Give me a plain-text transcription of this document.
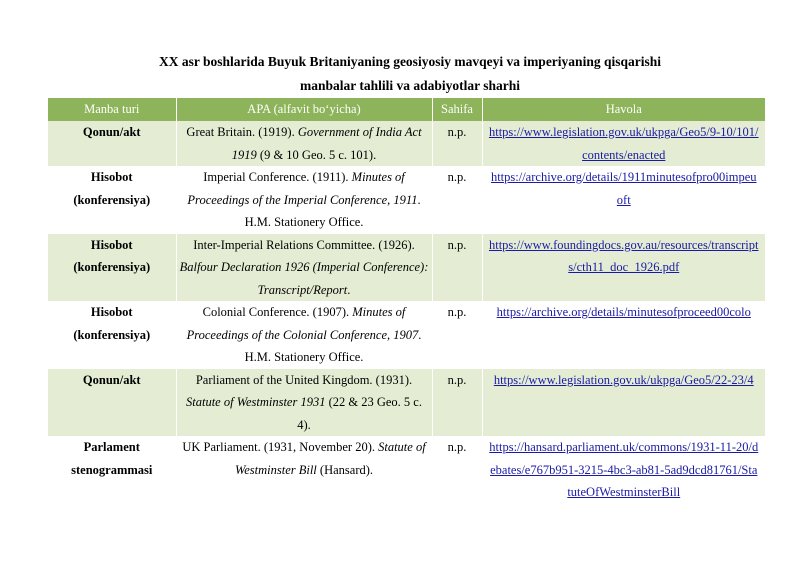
XX asr boshlarida Buyuk Britaniyaning geosiyosiy mavqeyi va imperiyaning qisqarishi
manbalar tahlili va adabiyotlar sharhi
Manba turi	APA (alfavit bo‘yicha)	Sahifa	Havola
Qonun/akt	Great Britain. (1919). Government of India Act 1919 (9 & 10 Geo. 5 c. 101).	n.p.	https://www.legislation.gov.uk/ukpga/Geo5/9-10/101/contents/enacted
Hisobot (konferensiya)	Imperial Conference. (1911). Minutes of Proceedings of the Imperial Conference, 1911. H.M. Stationery Office.	n.p.	https://archive.org/details/1911minutesofpro00impeuoft
Hisobot (konferensiya)	Inter-Imperial Relations Committee. (1926). Balfour Declaration 1926 (Imperial Conference): Transcript/Report.	n.p.	https://www.foundingdocs.gov.au/resources/transcripts/cth11_doc_1926.pdf
Hisobot (konferensiya)	Colonial Conference. (1907). Minutes of Proceedings of the Colonial Conference, 1907. H.M. Stationery Office.	n.p.	https://archive.org/details/minutesofproceed00colo
Qonun/akt	Parliament of the United Kingdom. (1931). Statute of Westminster 1931 (22 & 23 Geo. 5 c. 4).	n.p.	https://www.legislation.gov.uk/ukpga/Geo5/22-23/4
Parlament stenogrammasi	UK Parliament. (1931, November 20). Statute of Westminster Bill (Hansard).	n.p.	https://hansard.parliament.uk/commons/1931-11-20/debates/e767b951-3215-4bc3-ab81-5ad9dcd81761/StatuteOfWestminsterBill
